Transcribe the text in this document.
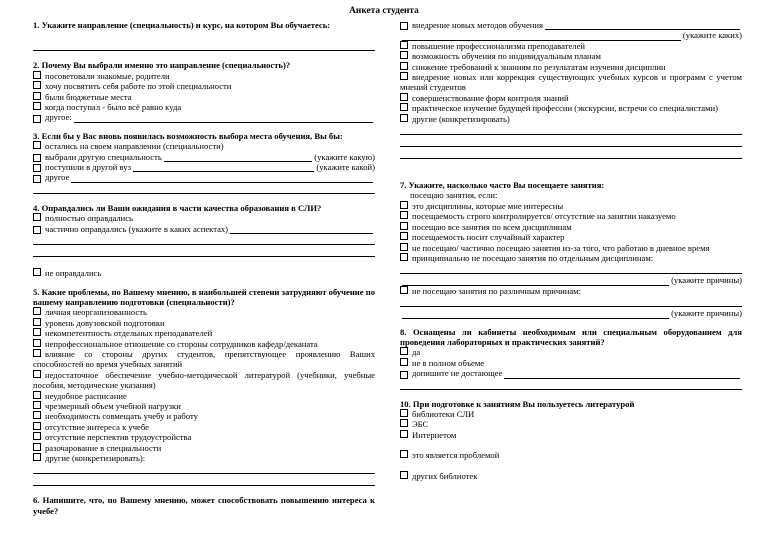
Анкета студента
1. Укажите направление (специальность) и курс, на котором Вы обучаетесь:
2. Почему Вы выбрали именно это направление (специальность)?
посоветовали знакомые, родители
хочу посвятить себя работе по этой специальности
были бюджетные места
когда поступал - было всё равно куда
другое:
3. Если бы у Вас вновь появилась возможность выбора места обучения, Вы бы:
остались на своем направлении (специальности)
выбрали другую специальность	(укажите какую)
поступили в другой вуз	(укажите какой)
другое
4. Оправдались ли Ваши ожидания в части качества образования в СЛИ?
полностью оправдались
частично оправдались (укажите в каких аспектах)
не оправдались
5. Какие проблемы, по Вашему мнению, в наибольшей степени затрудняют обучение по вашему направлению подготовки (специальности)?
личная неорганизованность
уровень довузовской подготовки
некомпетентность отдельных преподавателей
непрофессиональное отношение со стороны сотрудников кафедр/деканата
влияние со стороны других студентов, препятствующее проявлению Ваших способностей во время учебных занятий
недостаточное обеспечение учебно-методической литературой (учебники, учебные пособия, методические указания)
неудобное расписание
чрезмерный объем учебной нагрузки
необходимость совмещать учебу и работу
отсутствие интереса к учебе
отсутствие перспектив трудоустройства
разочарование в специальности
другие (конкретизировать):
6. Напишите, что, по Вашему мнению, может способствовать повышению интереса к учебе?
внедрение новых методов обучения
(укажите каких)
повышение профессионализма преподавателей
возможность обучения по индивидуальным планам
снижение требований к знаниям по результатам изучения дисциплин
внедрение новых или коррекция существующих учебных курсов и программ с учетом мнений студентов
совершенствование форм контроля знаний
практическое изучение будущей профессии (экскурсии, встречи со специалистами)
другие (конкретизировать)
7. Укажите, насколько часто Вы посещаете занятия:
посещаю занятия, если:
это дисциплины, которые мне интересны
посещаемость строго контролируется/ отсутствие на занятии наказуемо
посещаю все занятия по всем дисциплинам
посещаемость носит случайный характер
не посещаю/ частично посещаю занятия из-за того, что работаю в дневное время
принципиально не посещаю занятия по отдельным дисциплинам:
(укажите причины)
не посещаю занятия по различным причинам:
(укажите причины)
8. Оснащены ли кабинеты необходимым или специальным оборудованием для проведения лабораторных и практических занятий?
да
не в полном объеме
допишите не достающее
10. При подготовке к занятиям Вы пользуетесь литературой
библиотеки СЛИ
ЭБС
Интернетом
это является проблемой
других библиотек
